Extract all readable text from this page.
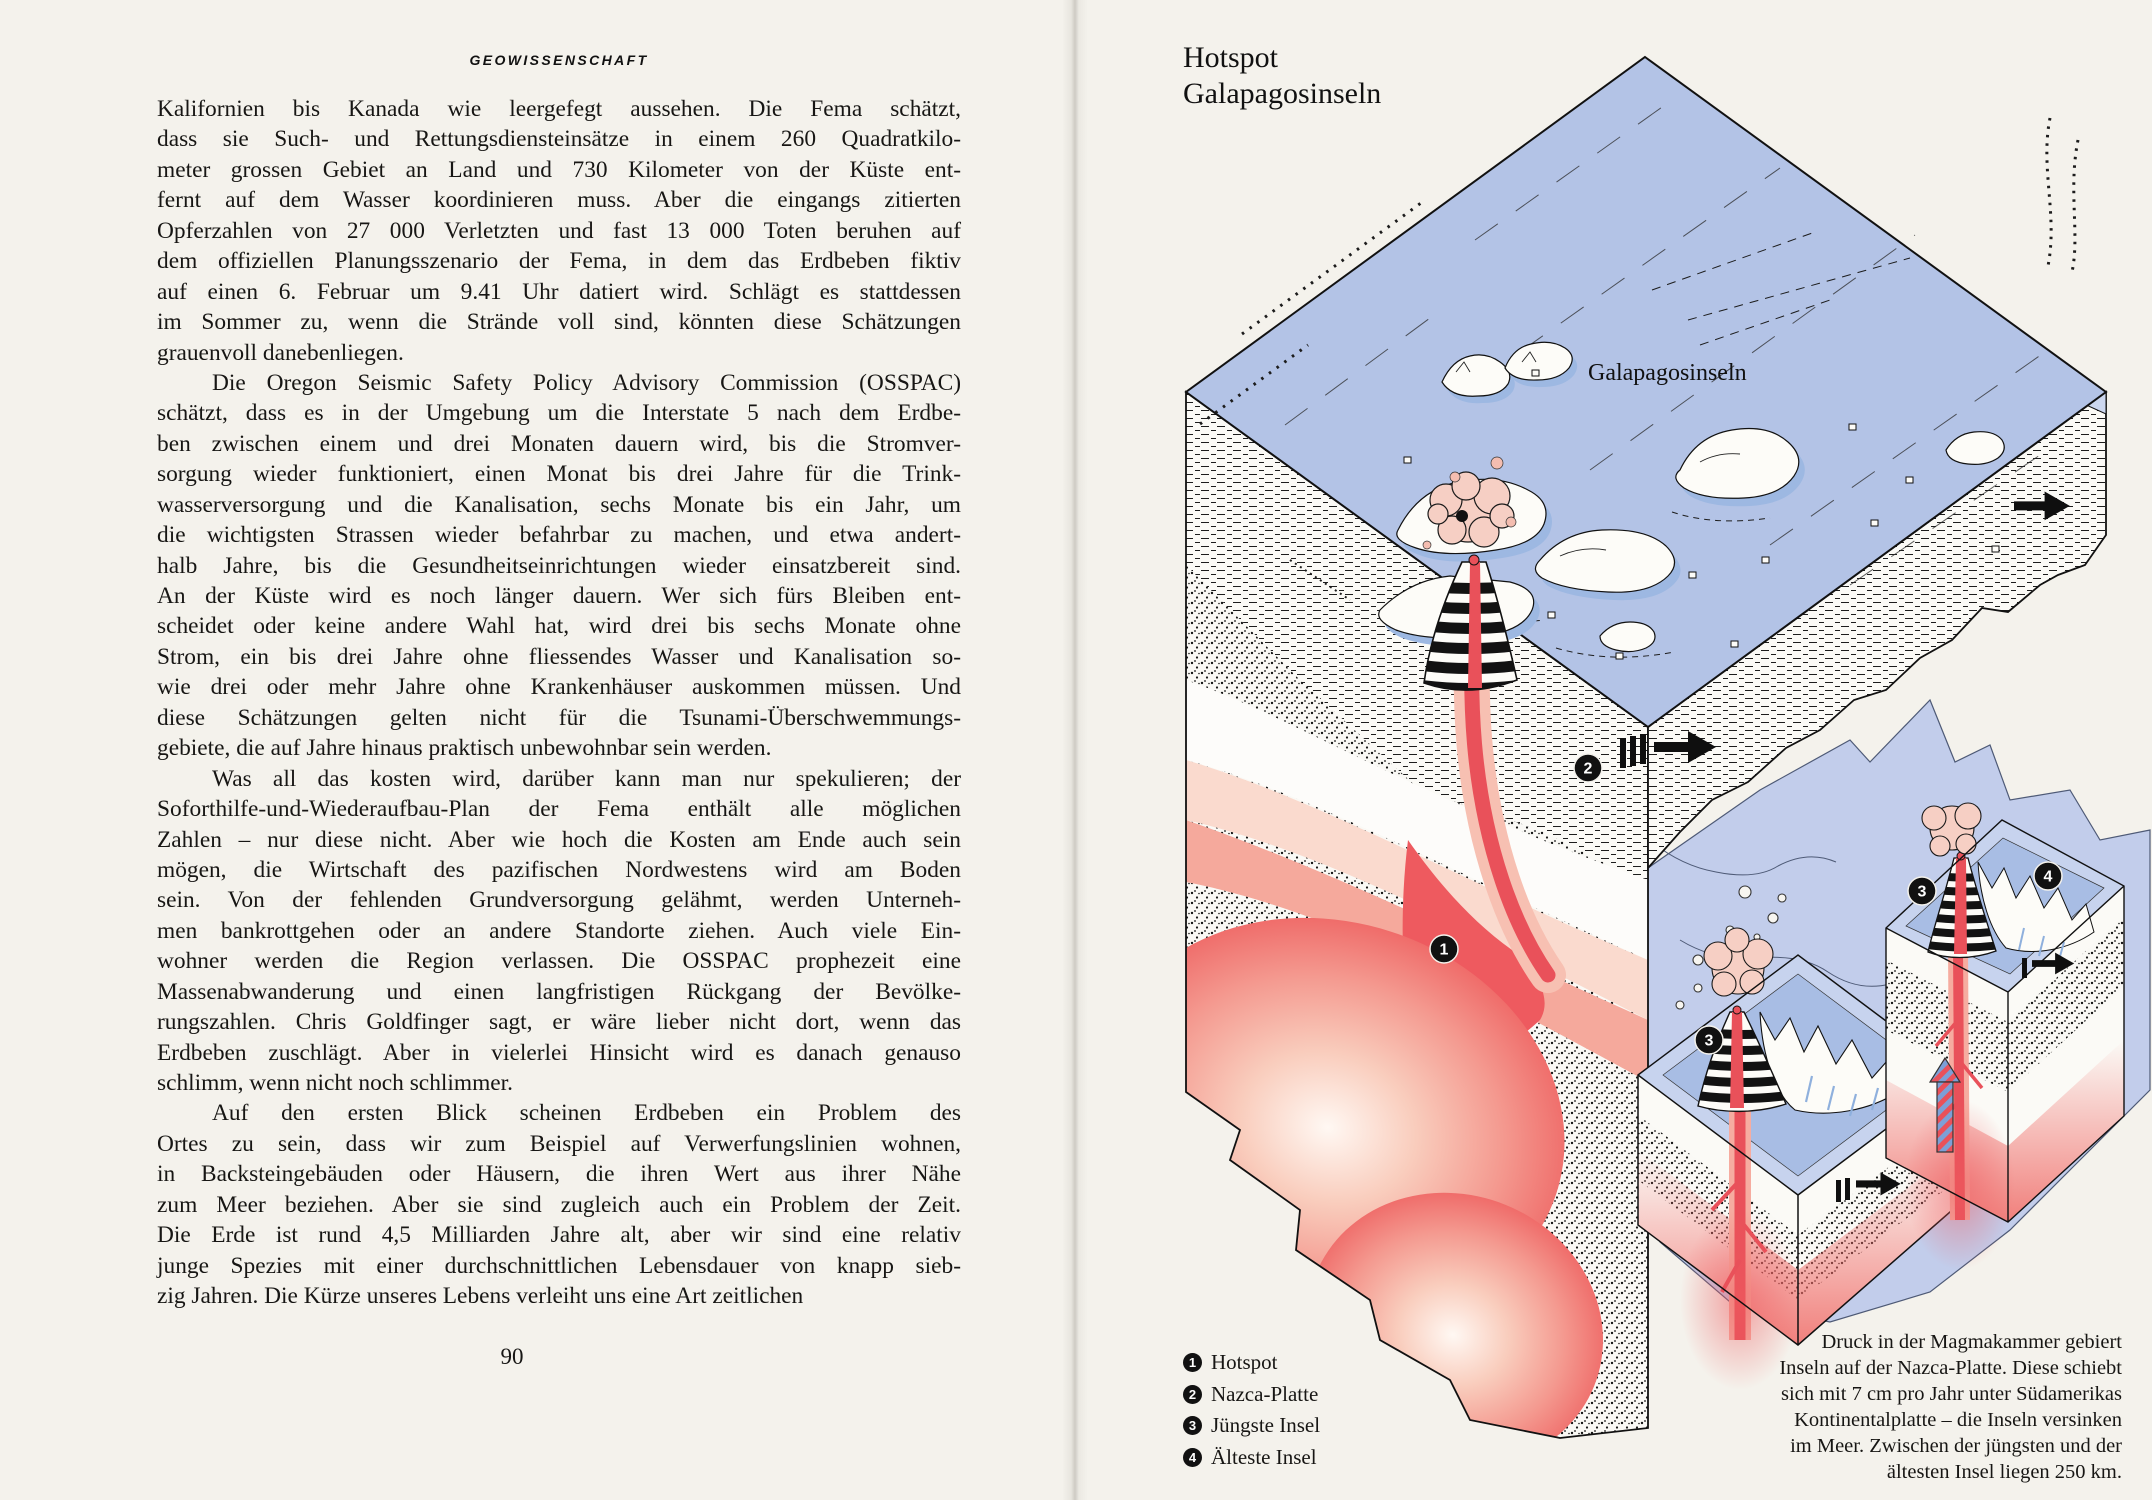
Galapagosinseln
1
2
3
3
4
GEOWISSENSCHAFT
Kalifornien bis Kanada wie leergefegt aussehen. Die Fema schätzt,
dass sie Such- und Rettungsdiensteinsätze in einem 260 Quadratkilo-
meter grossen Gebiet an Land und 730 Kilometer von der Küste ent-
fernt auf dem Wasser koordinieren muss. Aber die eingangs zitierten
Opferzahlen von 27 000 Verletzten und fast 13 000 Toten beruhen auf
dem offiziellen Planungsszenario der Fema, in dem das Erdbeben fiktiv
auf einen 6. Februar um 9.41 Uhr datiert wird. Schlägt es stattdessen
im Sommer zu, wenn die Strände voll sind, könnten diese Schätzungen
grauenvoll danebenliegen.
Die Oregon Seismic Safety Policy Advisory Commission (OSSPAC)
schätzt, dass es in der Umgebung um die Interstate 5 nach dem Erdbe-
ben zwischen einem und drei Monaten dauern wird, bis die Stromver-
sorgung wieder funktioniert, einen Monat bis drei Jahre für die Trink-
wasserversorgung und die Kanalisation, sechs Monate bis ein Jahr, um
die wichtigsten Strassen wieder befahrbar zu machen, und etwa andert-
halb Jahre, bis die Gesundheitseinrichtungen wieder einsatzbereit sind.
An der Küste wird es noch länger dauern. Wer sich fürs Bleiben ent-
scheidet oder keine andere Wahl hat, wird drei bis sechs Monate ohne
Strom, ein bis drei Jahre ohne fliessendes Wasser und Kanalisation so-
wie drei oder mehr Jahre ohne Krankenhäuser auskommen müssen. Und
diese Schätzungen gelten nicht für die Tsunami-Überschwemmungs-
gebiete, die auf Jahre hinaus praktisch unbewohnbar sein werden.
Was all das kosten wird, darüber kann man nur spekulieren; der
Soforthilfe-und-Wiederaufbau-Plan der Fema enthält alle möglichen
Zahlen – nur diese nicht. Aber wie hoch die Kosten am Ende auch sein
mögen, die Wirtschaft des pazifischen Nordwestens wird am Boden
sein. Von der fehlenden Grundversorgung gelähmt, werden Unterneh-
men bankrottgehen oder an andere Standorte ziehen. Auch viele Ein-
wohner werden die Region verlassen. Die OSSPAC prophezeit eine
Massenabwanderung und einen langfristigen Rückgang der Bevölke-
rungszahlen. Chris Goldfinger sagt, er wäre lieber nicht dort, wenn das
Erdbeben zuschlägt. Aber in vielerlei Hinsicht wird es danach genauso
schlimm, wenn nicht noch schlimmer.
Auf den ersten Blick scheinen Erdbeben ein Problem des
Ortes zu sein, dass wir zum Beispiel auf Verwerfungslinien wohnen,
in Backsteingebäuden oder Häusern, die ihren Wert aus ihrer Nähe
zum Meer beziehen. Aber sie sind zugleich auch ein Problem der Zeit.
Die Erde ist rund 4,5 Milliarden Jahre alt, aber wir sind eine relativ
junge Spezies mit einer durchschnittlichen Lebensdauer von knapp sieb-
zig Jahren. Die Kürze unseres Lebens verleiht uns eine Art zeitlichen
90
Hotspot
Galapagosinseln
1 Hotspot
2 Nazca-Platte
3 Jüngste Insel
4 Älteste Insel
Druck in der Magmakammer gebiert
Inseln auf der Nazca-Platte. Diese schiebt
sich mit 7 cm pro Jahr unter Südamerikas
Kontinentalplatte – die Inseln versinken
im Meer. Zwischen der jüngsten und der
ältesten Insel liegen 250 km.
